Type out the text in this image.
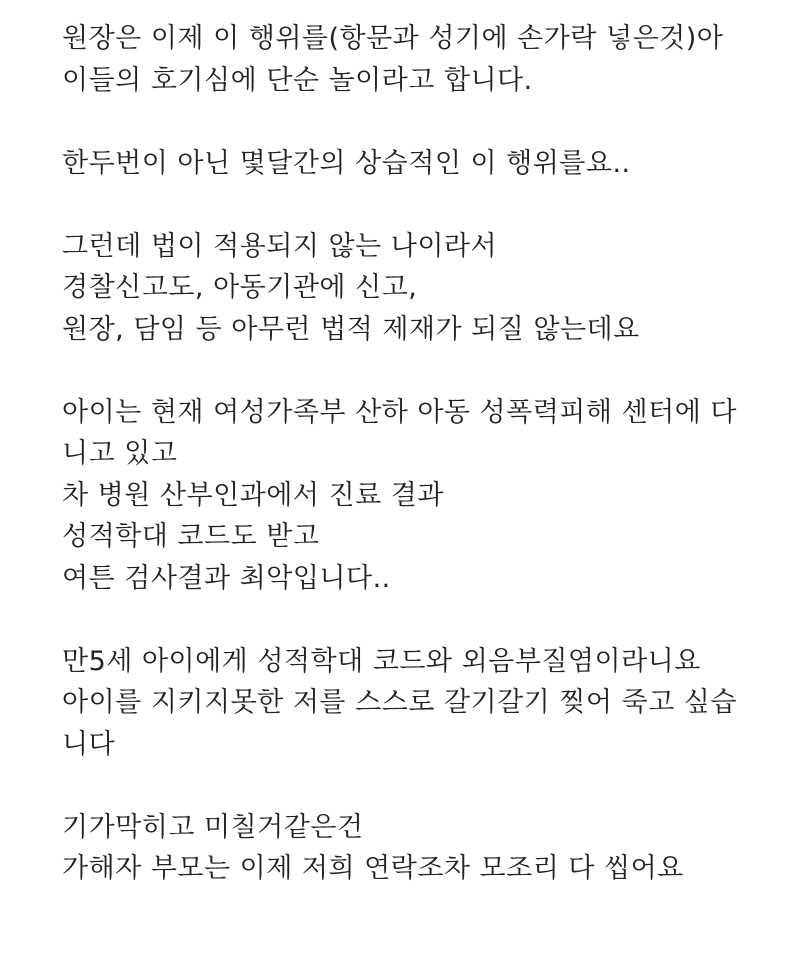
원장은 이제 이 행위를(항문과 성기에 손가락 넣은것)아
이들의 호기심에 단순 놀이라고 합니다.
한두번이 아닌 몇달간의 상습적인 이 행위를요..
그런데 법이 적용되지 않는 나이라서
경찰신고도, 아동기관에 신고,
원장, 담임 등 아무런 법적 제재가 되질 않는데요
아이는 현재 여성가족부 산하 아동 성폭력피해 센터에 다
니고 있고
차 병원 산부인과에서 진료 결과
성적학대 코드도 받고
여튼 검사결과 최악입니다..
만5세 아이에게 성적학대 코드와 외음부질염이라니요
아이를 지키지못한 저를 스스로 갈기갈기 찢어 죽고 싶습
니다
기가막히고 미칠거같은건
가해자 부모는 이제 저희 연락조차 모조리 다 씹어요
